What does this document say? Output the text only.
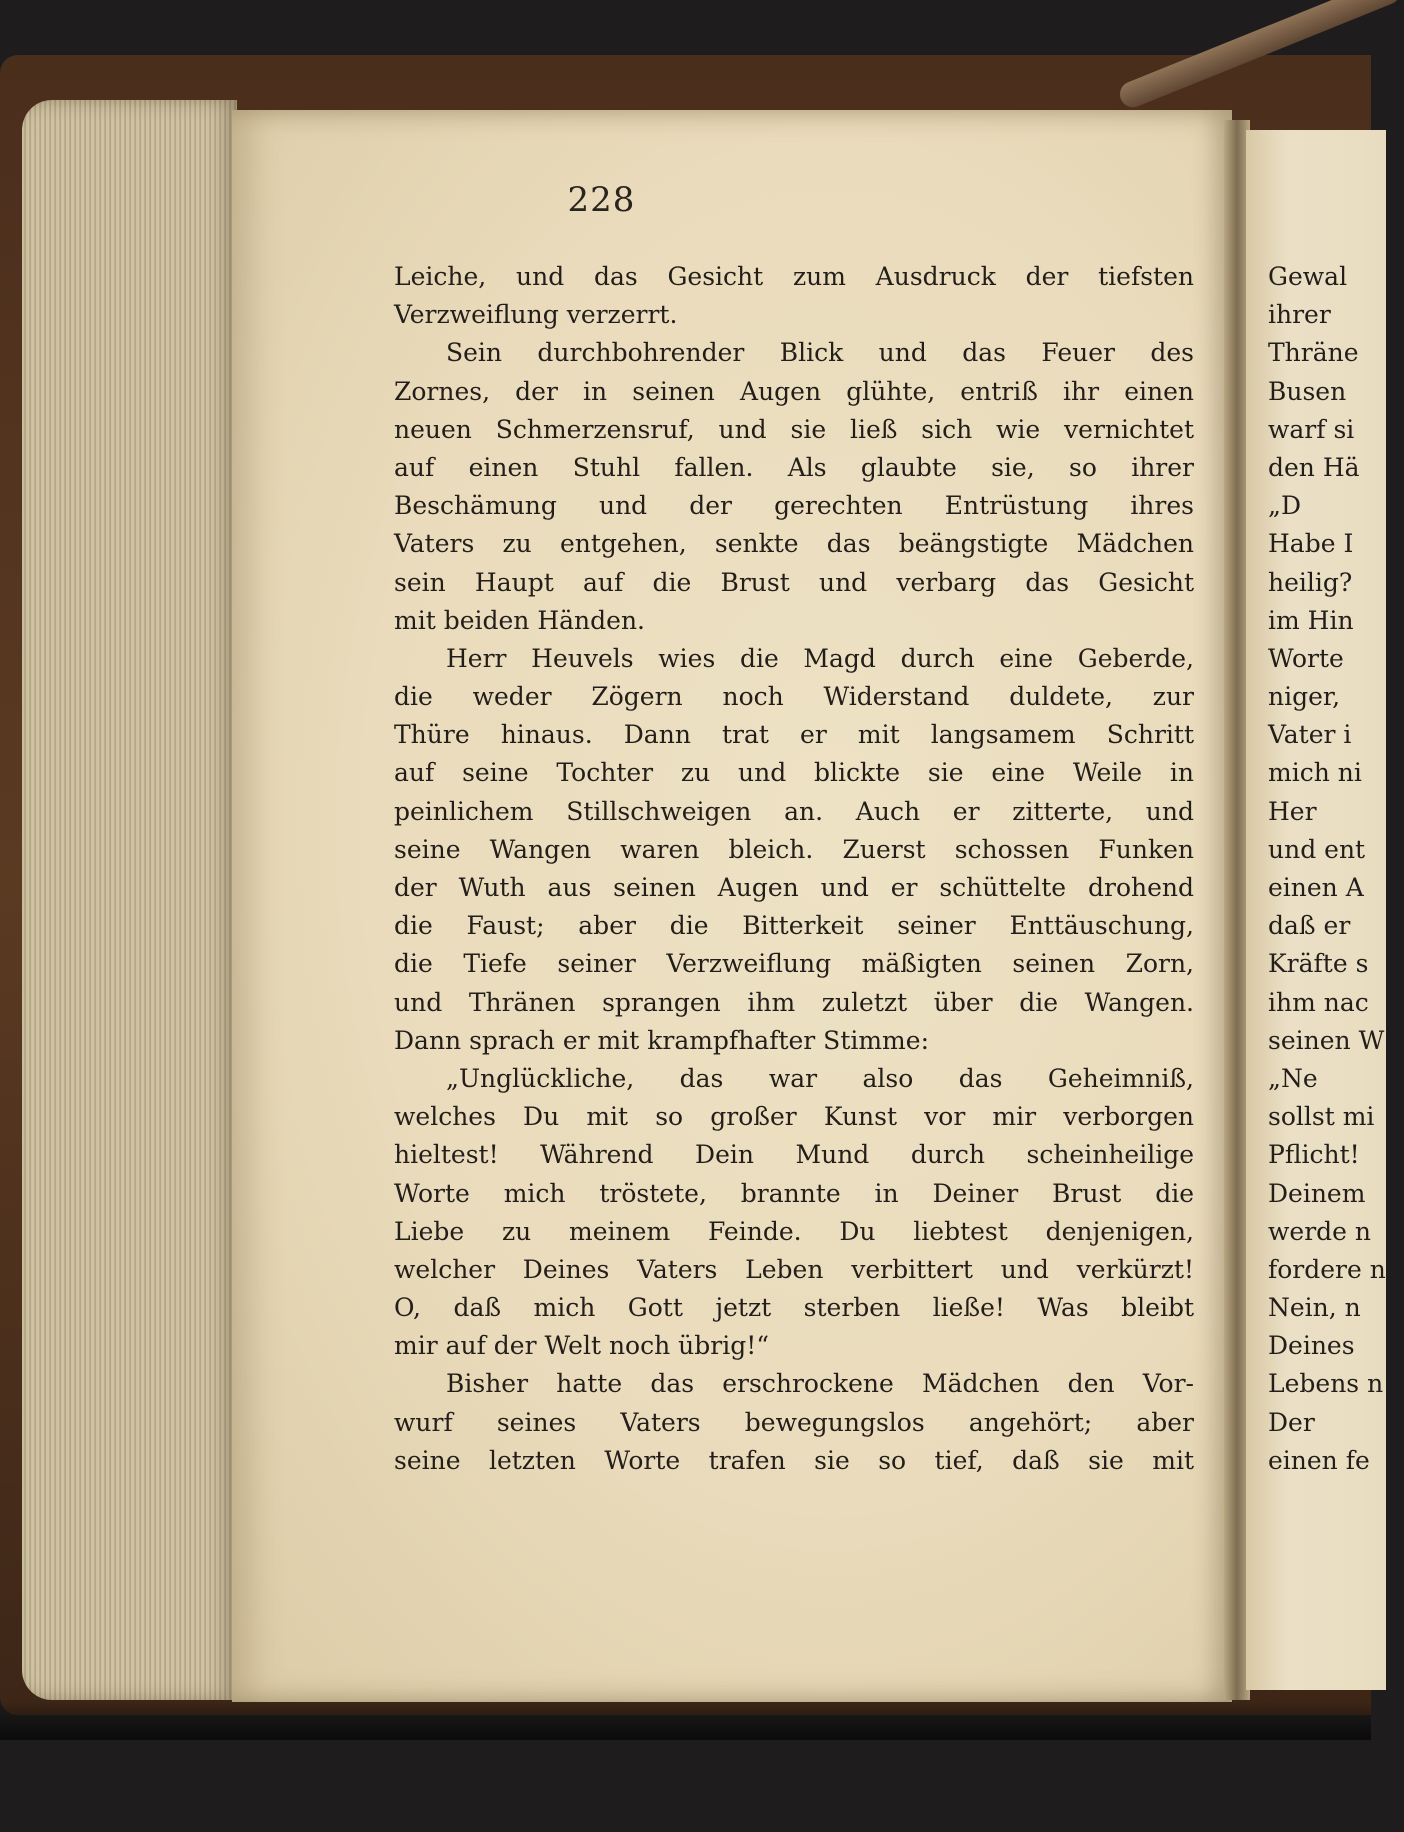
228
Leiche, und das Gesicht zum Ausdruck der tiefsten
Verzweiflung verzerrt.
Sein durchbohrender Blick und das Feuer des
Zornes, der in seinen Augen glühte, entriß ihr einen
neuen Schmerzensruf, und sie ließ sich wie vernichtet
auf einen Stuhl fallen. Als glaubte sie, so ihrer
Beschämung und der gerechten Entrüstung ihres
Vaters zu entgehen, senkte das beängstigte Mädchen
sein Haupt auf die Brust und verbarg das Gesicht
mit beiden Händen.
Herr Heuvels wies die Magd durch eine Geberde,
die weder Zögern noch Widerstand duldete, zur
Thüre hinaus. Dann trat er mit langsamem Schritt
auf seine Tochter zu und blickte sie eine Weile in
peinlichem Stillschweigen an. Auch er zitterte, und
seine Wangen waren bleich. Zuerst schossen Funken
der Wuth aus seinen Augen und er schüttelte drohend
die Faust; aber die Bitterkeit seiner Enttäuschung,
die Tiefe seiner Verzweiflung mäßigten seinen Zorn,
und Thränen sprangen ihm zuletzt über die Wangen.
Dann sprach er mit krampfhafter Stimme:
„Unglückliche, das war also das Geheimniß,
welches Du mit so großer Kunst vor mir verborgen
hieltest! Während Dein Mund durch scheinheilige
Worte mich tröstete, brannte in Deiner Brust die
Liebe zu meinem Feinde. Du liebtest denjenigen,
welcher Deines Vaters Leben verbittert und verkürzt!
O, daß mich Gott jetzt sterben ließe! Was bleibt
mir auf der Welt noch übrig!“
Bisher hatte das erschrockene Mädchen den Vor-
wurf seines Vaters bewegungslos angehört; aber
seine letzten Worte trafen sie so tief, daß sie mit
Gewal
ihrer
Thräne
Busen
warf si
den Hä
„D
Habe I
heilig?
im Hin
Worte
niger,
Vater i
mich ni
Her
und ent
einen A
daß er
Kräfte s
ihm nac
seinen W
„Ne
sollst mi
Pflicht!
Deinem
werde n
fordere n
Nein, n
Deines
Lebens n
Der
einen fe
